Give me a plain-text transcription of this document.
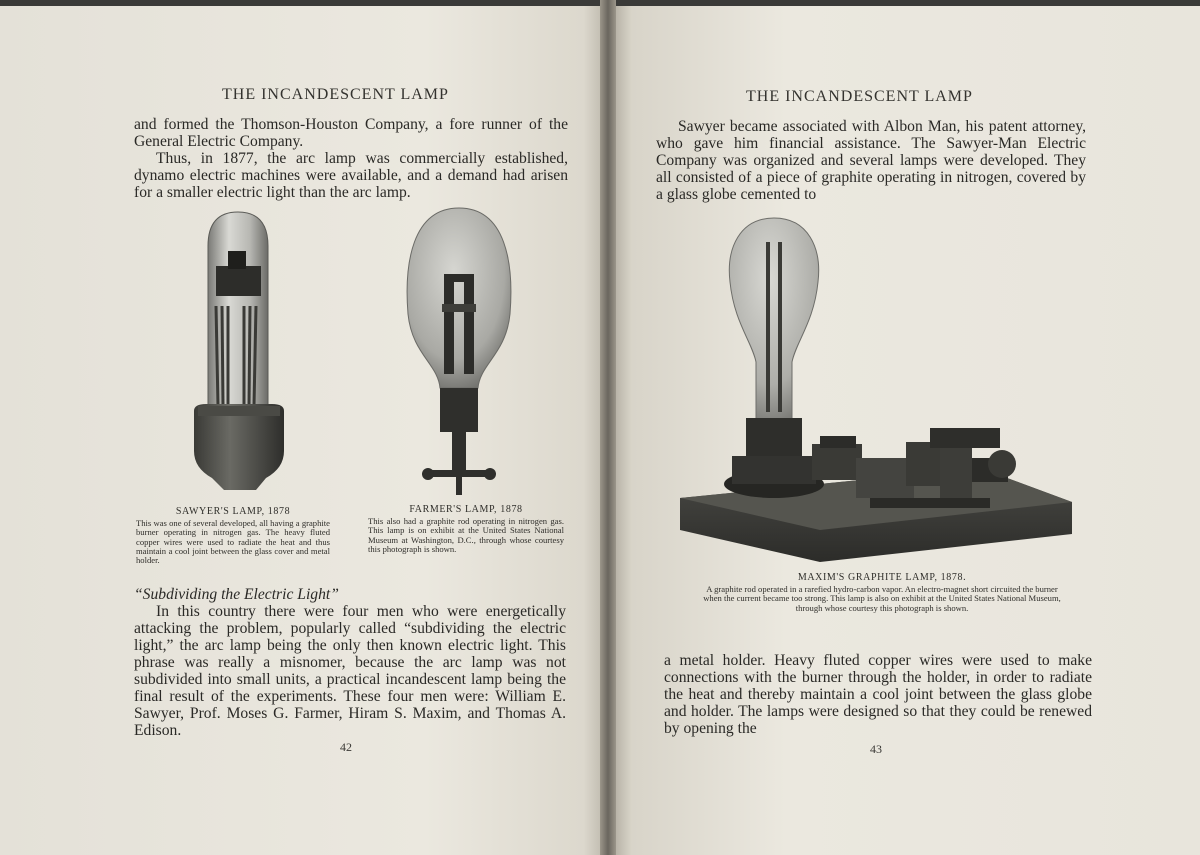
THE INCANDESCENT LAMP

and formed the Thomson-Houston Company, a fore runner of the General Electric Company.

Thus, in 1877, the arc lamp was commercially established, dynamo electric machines were available, and a demand had arisen for a smaller electric light than the arc lamp.

SAWYER'S LAMP, 1878
This was one of several developed, all having a graphite burner operating in nitrogen gas. The heavy fluted copper wires were used to radiate the heat and thus maintain a cool joint between the glass cover and metal holder.
FARMER'S LAMP, 1878
This also had a graphite rod operating in nitrogen gas. This lamp is on exhibit at the United States National Museum at Washington, D.C., through whose courtesy this photograph is shown.

“Subdividing the Electric Light”

In this country there were four men who were energetically attacking the problem, popularly called “subdividing the electric light,” the arc lamp being the only then known electric light. This phrase was really a misnomer, because the arc lamp was not subdivided into small units, a practical incandescent lamp being the final result of the experiments. These four men were: William E. Sawyer, Prof. Moses G. Farmer, Hiram S. Maxim, and Thomas A. Edison.

42
THE INCANDESCENT LAMP

Sawyer became associated with Albon Man, his patent attorney, who gave him financial assistance. The Sawyer-Man Electric Company was organized and several lamps were developed. They all consisted of a piece of graphite operating in nitrogen, covered by a glass globe cemented to

MAXIM'S GRAPHITE LAMP, 1878.
A graphite rod operated in a rarefied hydro-carbon vapor. An electro-magnet short circuited the burner when the current became too strong. This lamp is also on exhibit at the United States National Museum, through whose courtesy this photograph is shown.

a metal holder. Heavy fluted copper wires were used to make connections with the burner through the holder, in order to radiate the heat and thereby maintain a cool joint between the glass globe and holder. The lamps were designed so that they could be renewed by opening the

43
